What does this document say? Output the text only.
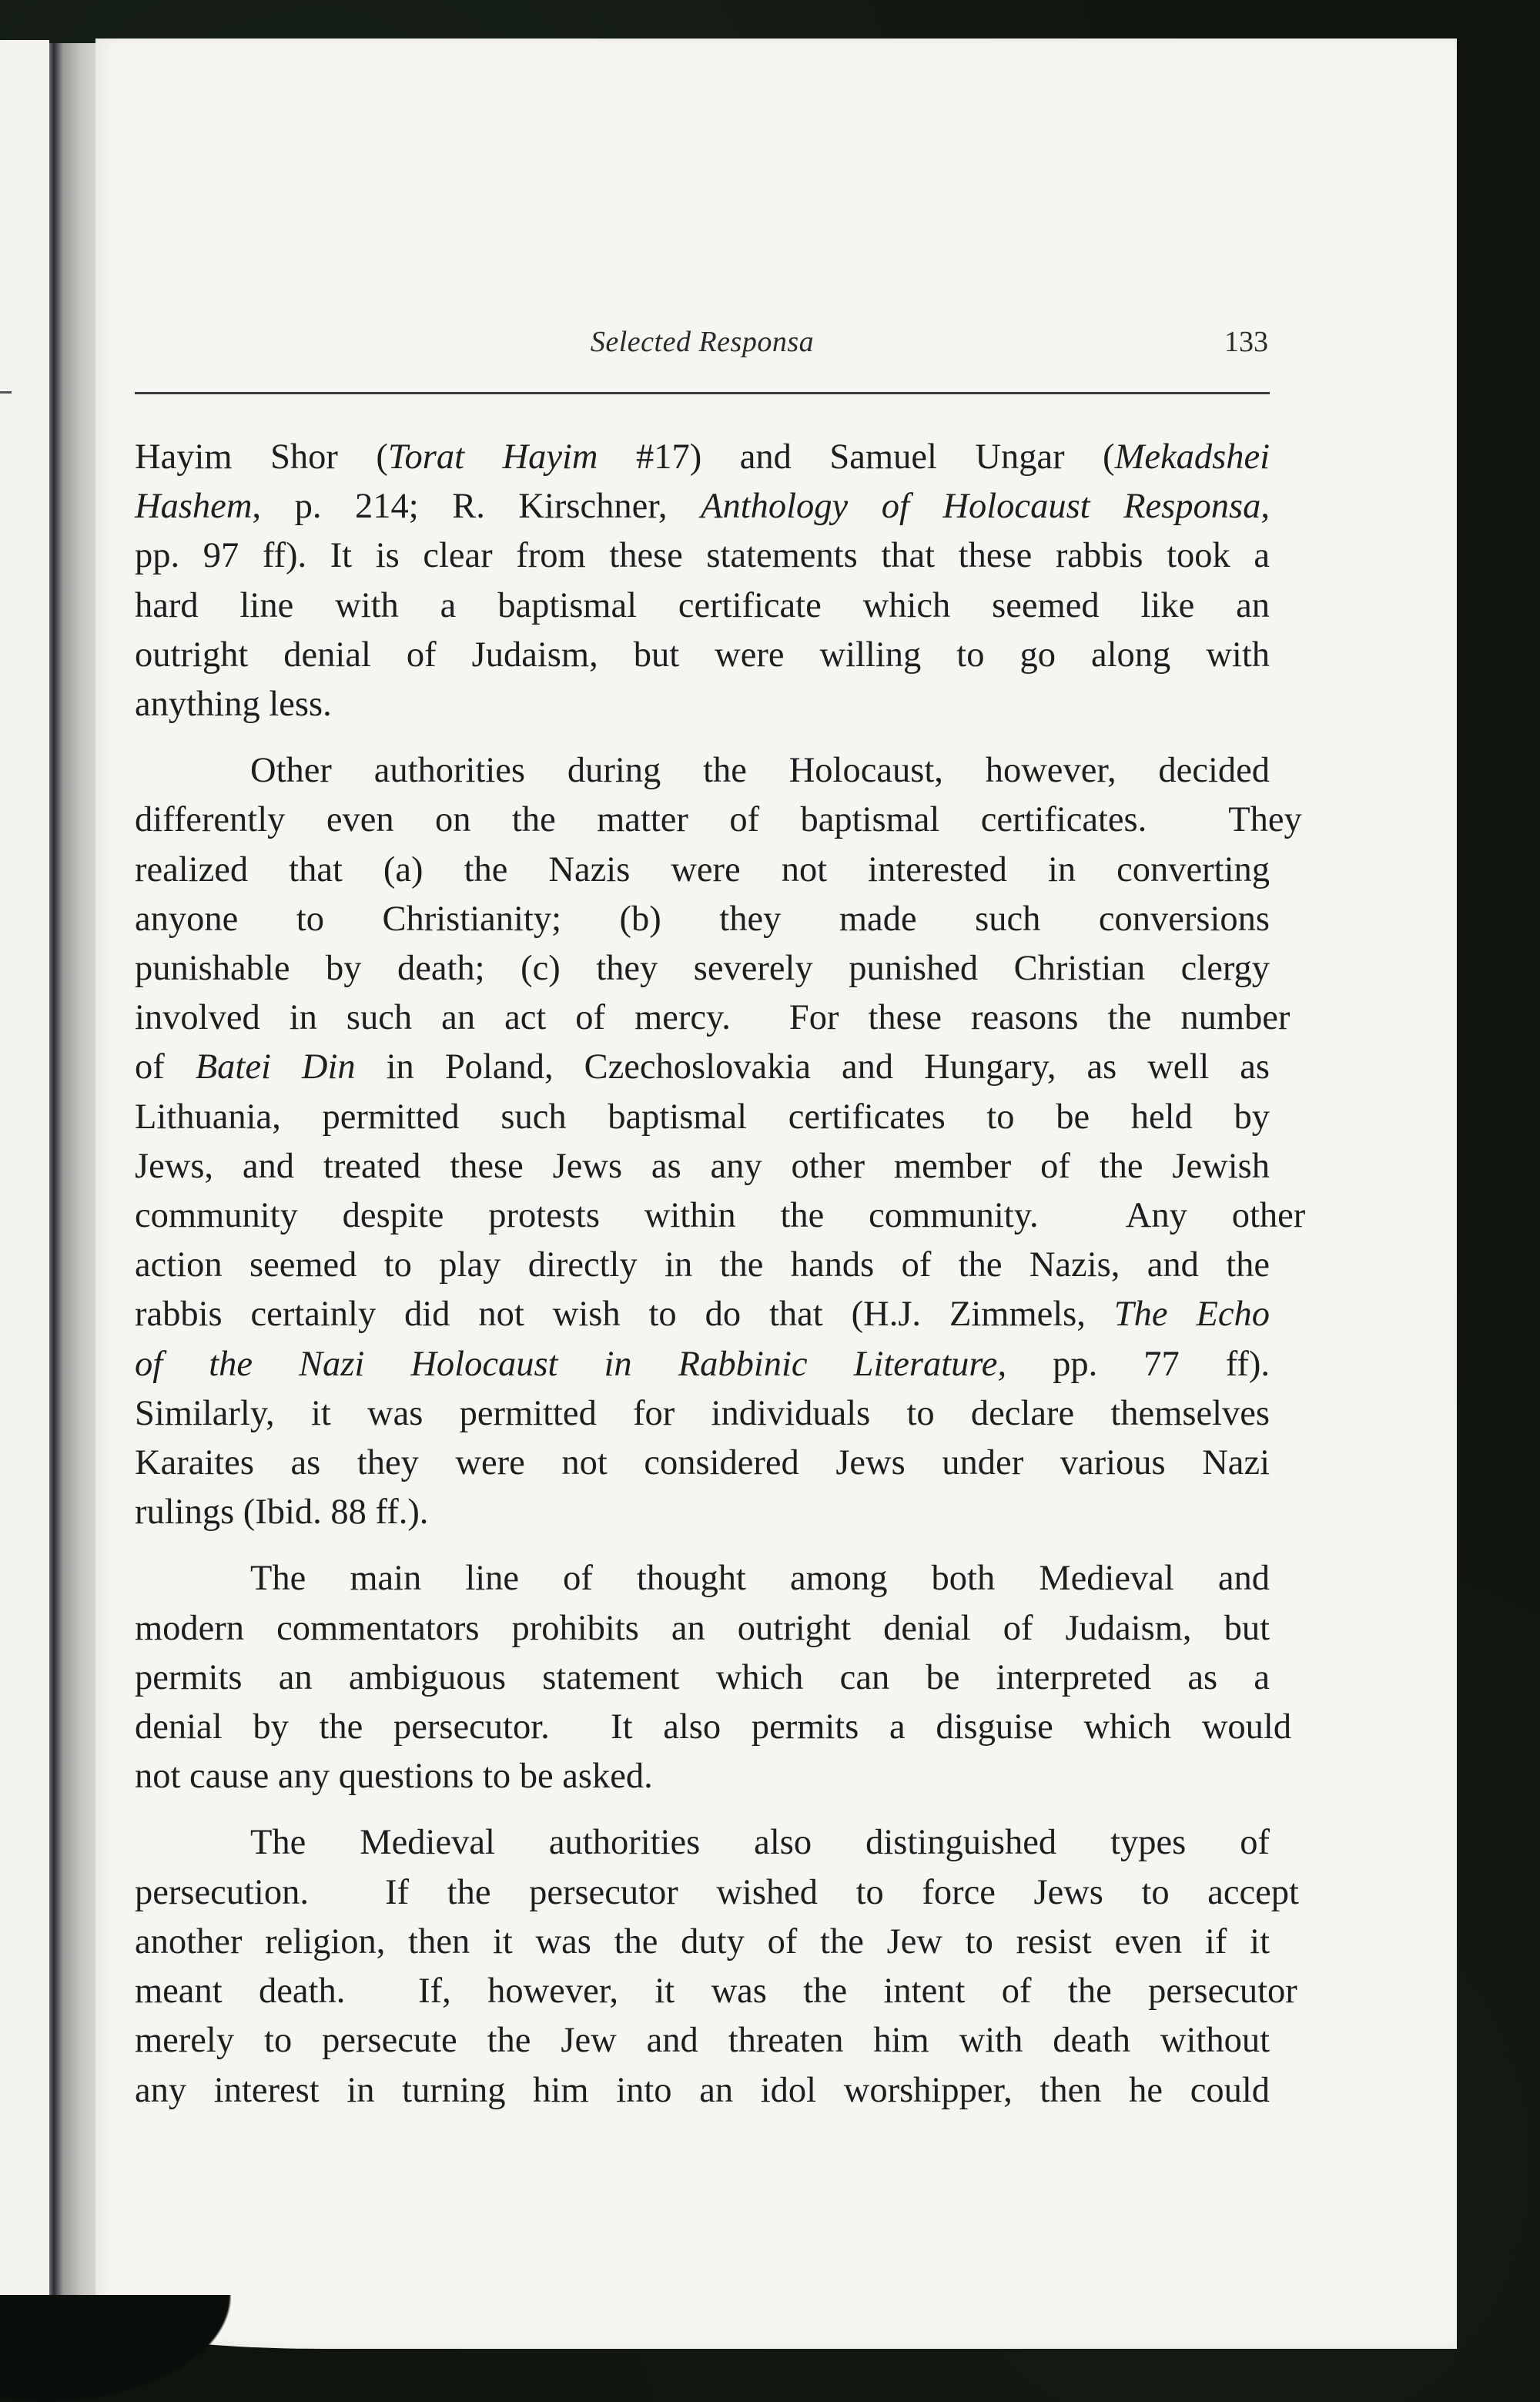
Selected Responsa	133

Hayim Shor (Torat Hayim #17) and Samuel Ungar (Mekadshei
Hashem, p. 214; R. Kirschner, Anthology of Holocaust Responsa,
pp. 97 ff). It is clear from these statements that these rabbis took a
hard line with a baptismal certificate which seemed like an
outright denial of Judaism, but were willing to go along with
anything less.

Other authorities during the Holocaust, however, decided
differently even on the matter of baptismal certificates.  They
realized that (a) the Nazis were not interested in converting
anyone to Christianity; (b) they made such conversions
punishable by death; (c) they severely punished Christian clergy
involved in such an act of mercy.  For these reasons the number
of Batei Din in Poland, Czechoslovakia and Hungary, as well as
Lithuania, permitted such baptismal certificates to be held by
Jews, and treated these Jews as any other member of the Jewish
community despite protests within the community.  Any other
action seemed to play directly in the hands of the Nazis, and the
rabbis certainly did not wish to do that (H.J. Zimmels, The Echo
of the Nazi Holocaust in Rabbinic Literature, pp. 77 ff).
Similarly, it was permitted for individuals to declare themselves
Karaites as they were not considered Jews under various Nazi
rulings (Ibid. 88 ff.).

The main line of thought among both Medieval and
modern commentators prohibits an outright denial of Judaism, but
permits an ambiguous statement which can be interpreted as a
denial by the persecutor.  It also permits a disguise which would
not cause any questions to be asked.

The Medieval authorities also distinguished types of
persecution.  If the persecutor wished to force Jews to accept
another religion, then it was the duty of the Jew to resist even if it
meant death.  If, however, it was the intent of the persecutor
merely to persecute the Jew and threaten him with death without
any interest in turning him into an idol worshipper, then he could
